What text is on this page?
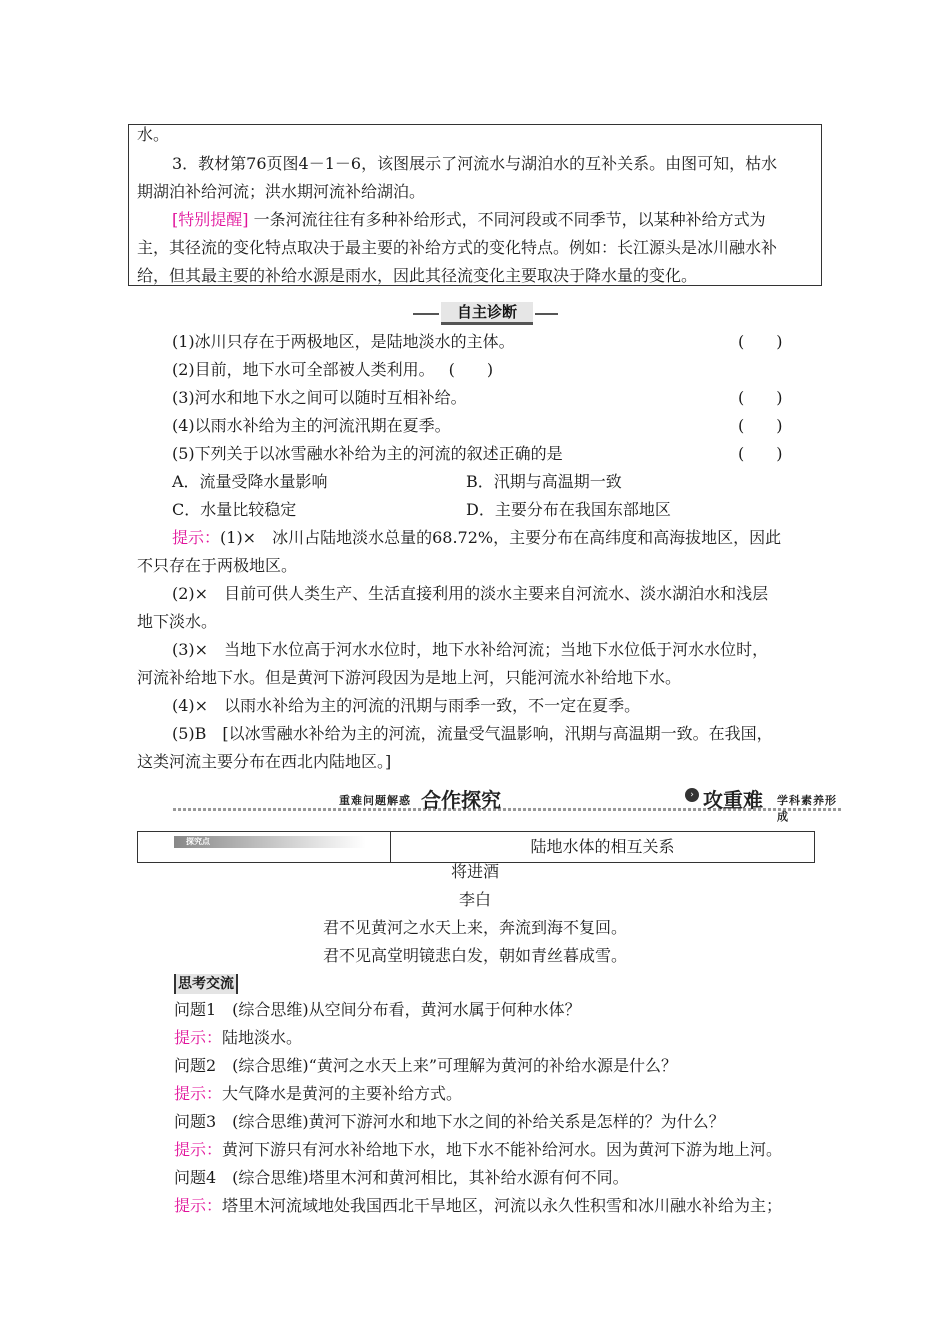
水。
3．教材第76页图4－1－6，该图展示了河流水与湖泊水的互补关系。由图可知，枯水
期湖泊补给河流；洪水期河流补给湖泊。
[特别提醒] 一条河流往往有多种补给形式，不同河段或不同季节，以某种补给方式为
主，其径流的变化特点取决于最主要的补给方式的变化特点。例如：长江源头是冰川融水补
给，但其最主要的补给水源是雨水，因此其径流变化主要取决于降水量的变化。
自主诊断
(1)冰川只存在于两极地区，是陆地淡水的主体。	(　　)
(2)目前，地下水可全部被人类利用。 (　　)
(3)河水和地下水之间可以随时互相补给。	(　　)
(4)以雨水补给为主的河流汛期在夏季。	(　　)
(5)下列关于以冰雪融水补给为主的河流的叙述正确的是	(　　)
A．流量受降水量影响	B．汛期与高温期一致
C．水量比较稳定	D．主要分布在我国东部地区
提示：(1)×　冰川占陆地淡水总量的68.72%，主要分布在高纬度和高海拔地区，因此
不只存在于两极地区。
(2)×　目前可供人类生产、生活直接利用的淡水主要来自河流水、淡水湖泊水和浅层
地下淡水。
(3)×　当地下水位高于河水水位时，地下水补给河流；当地下水位低于河水水位时，
河流补给地下水。但是黄河下游河段因为是地上河，只能河流水补给地下水。
(4)×　以雨水补给为主的河流的汛期与雨季一致，不一定在夏季。
(5)B　[以冰雪融水补给为主的河流，流量受气温影响，汛期与高温期一致。在我国，
这类河流主要分布在西北内陆地区。]
重难问题解惑 合作探究	› 攻重难 学科素养形成
探究点	陆地水体的相互关系
将进酒
李白
君不见黄河之水天上来，奔流到海不复回。
君不见高堂明镜悲白发，朝如青丝暮成雪。
思考交流
问题1　(综合思维)从空间分布看，黄河水属于何种水体？
提示：陆地淡水。
问题2　(综合思维)“黄河之水天上来”可理解为黄河的补给水源是什么？
提示：大气降水是黄河的主要补给方式。
问题3　(综合思维)黄河下游河水和地下水之间的补给关系是怎样的？为什么？
提示：黄河下游只有河水补给地下水，地下水不能补给河水。因为黄河下游为地上河。
问题4　(综合思维)塔里木河和黄河相比，其补给水源有何不同。
提示：塔里木河流域地处我国西北干旱地区，河流以永久性积雪和冰川融水补给为主；
